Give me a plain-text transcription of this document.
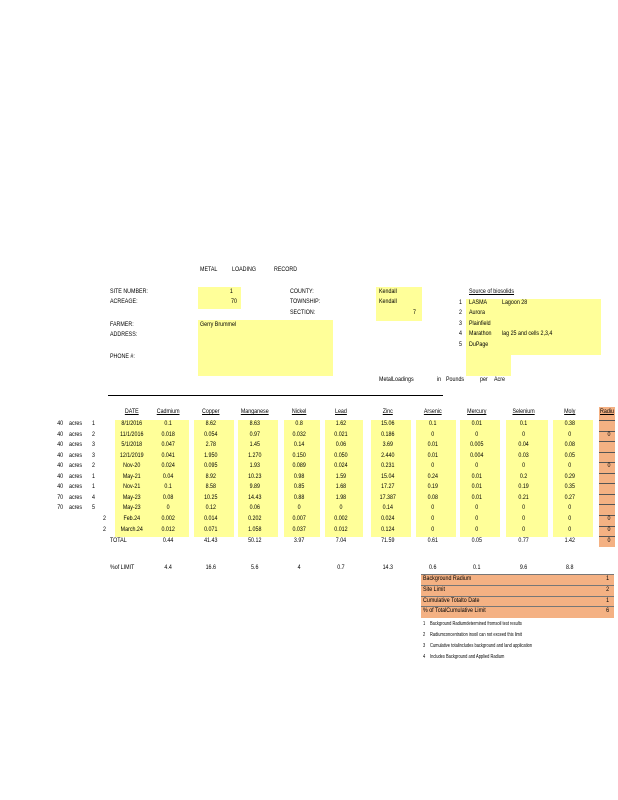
METAL LOADING	RECORD
SITE NUMBER:	1
ACREAGE:	70
FARMER:	Gerry Brummel
ADDRESS:
PHONE #:
COUNTY:	Kendall
TOWNSHIP:	Kendall
SECTION:	7
Source of biosolids
1 LASMA Lagoon 28
2 Aurora
3 Plainfield
4 Marathon lag 25 and cells 2,3,4
5 DuPage
MetalLoadings	in Pounds per Acre
DATE	Cadmium	Copper	Manganese	Nickel	Lead	Zinc	Arsenic	Mercury	Selenium	Moly	Radiu
40 acres 1	8/1/2016	0.1	8.62	8.63	0.8	1.62	15.06	0.1	0.01	0.1	0.38
40 acres 2	11/1/2016	0.018	0.054	0.97	0.032	0.021	0.186	0	0	0	0	0
40 acres 3	5/1/2018	0.047	2.78	1.45	0.14	0.06	3.69	0.01	0.005	0.04	0.08
40 acres 3	12/1/2019	0.041	1.950	1.270	0.150	0.050	2.440	0.01	0.004	0.03	0.05
40 acres 2	Nov-20	0.024	0.095	1.93	0.089	0.024	0.231	0	0	0	0	0
40 acres 1	May-21	0.04	8.92	10.23	0.98	1.59	15.04	0.24	0.01	0.2	0.29
40 acres 1	Nov-21	0.1	8.58	9.89	0.85	1.68	17.27	0.19	0.01	0.19	0.35
70 acres 4	May-23	0.08	10.25	14.43	0.88	1.98	17.387	0.08	0.01	0.21	0.27
70 acres 5	May-23	0	0.12	0.06	0	0	0.14	0	0	0	0
2	Feb.24	0.002	0.014	0.202	0.007	0.002	0.024	0	0	0	0	0
2	March.24	0.012	0.071	1.058	0.037	0.012	0.124	0	0	0	0	0
TOTAL	0.44	41.43	50.12	3.97	7.04	71.59	0.61	0.05	0.77	1.42	0
%of LIMIT	4.4	16.6	5.6	4	0.7	14.3	0.6	0.1	9.6	8.8
Background Radium	1
Site Limit	2
Cumulative Totalto Date	1
% of TotalCumulative Limit	6
1 Background Radiumdetermined fromsoil test results
2 Radiumconcentration insoil can not exceed this limit
3 Cumulative totalincludes background and land application
4 Includes Background and Applied Radium
